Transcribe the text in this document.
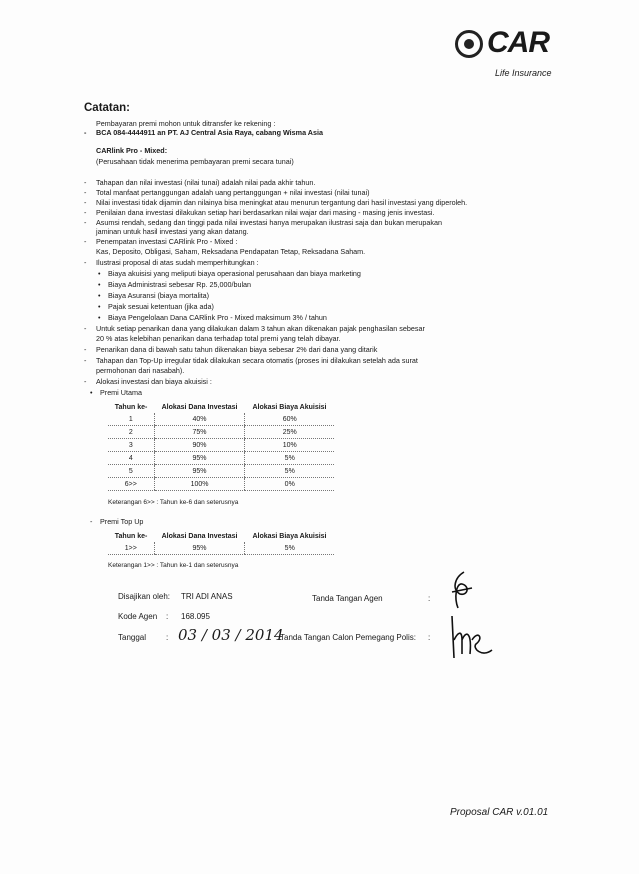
CAR
Life Insurance
Catatan:
Pembayaran premi mohon untuk ditransfer ke rekening :
- BCA 084-4444911 an PT. AJ Central Asia Raya, cabang Wisma Asia
CARlink Pro - Mixed:
(Perusahaan tidak menerima pembayaran premi secara tunai)
- Tahapan dan nilai investasi (nilai tunai) adalah nilai pada akhir tahun.
- Total manfaat pertanggungan adalah uang pertanggungan + nilai investasi (nilai tunai)
- Nilai investasi tidak dijamin dan nilainya bisa meningkat atau menurun tergantung dari hasil investasi yang diperoleh.
- Penilaian dana investasi dilakukan setiap hari berdasarkan nilai wajar dari masing - masing jenis investasi.
- Asumsi rendah, sedang dan tinggi pada nilai investasi hanya merupakan ilustrasi saja dan bukan merupakan
jaminan untuk hasil investasi yang akan datang.
- Penempatan investasi CARlink Pro - Mixed :
Kas, Deposito, Obligasi, Saham, Reksadana Pendapatan Tetap, Reksadana Saham.
- Ilustrasi proposal di atas sudah memperhitungkan :
• Biaya akuisisi yang meliputi biaya operasional perusahaan dan biaya marketing
• Biaya Administrasi sebesar Rp. 25,000/bulan
• Biaya Asuransi (biaya mortalita)
• Pajak sesuai ketentuan (jika ada)
• Biaya Pengelolaan Dana CARlink Pro - Mixed maksimum 3% / tahun
- Untuk setiap penarikan dana yang dilakukan dalam 3 tahun akan dikenakan pajak penghasilan sebesar
20 % atas kelebihan penarikan dana terhadap total premi yang telah dibayar.
- Penarikan dana di bawah satu tahun dikenakan biaya sebesar 2% dari dana yang ditarik
- Tahapan dan Top-Up irregular tidak dilakukan secara otomatis (proses ini dilakukan setelah ada surat
permohonan dari nasabah).
- Alokasi investasi dan biaya akuisisi :
• Premi Utama
Tahun ke-	Alokasi Dana Investasi	Alokasi Biaya Akuisisi
1	40%	60%
2	75%	25%
3	90%	10%
4	95%	5%
5	95%	5%
6>>	100%	0%
Keterangan 6>> : Tahun ke-6 dan seterusnya
- Premi Top Up
Tahun ke-	Alokasi Dana Investasi	Alokasi Biaya Akuisisi
1>>	95%	5%
Keterangan 1>> : Tahun ke-1 dan seterusnya
Disajikan oleh: TRI ADI ANAS
Kode Agen : 168.095
Tanggal : 03 / 03 / 2014
Tanda Tangan Agen	:
Tanda Tangan Calon Pemegang Polis: :
Proposal CAR v.01.01
